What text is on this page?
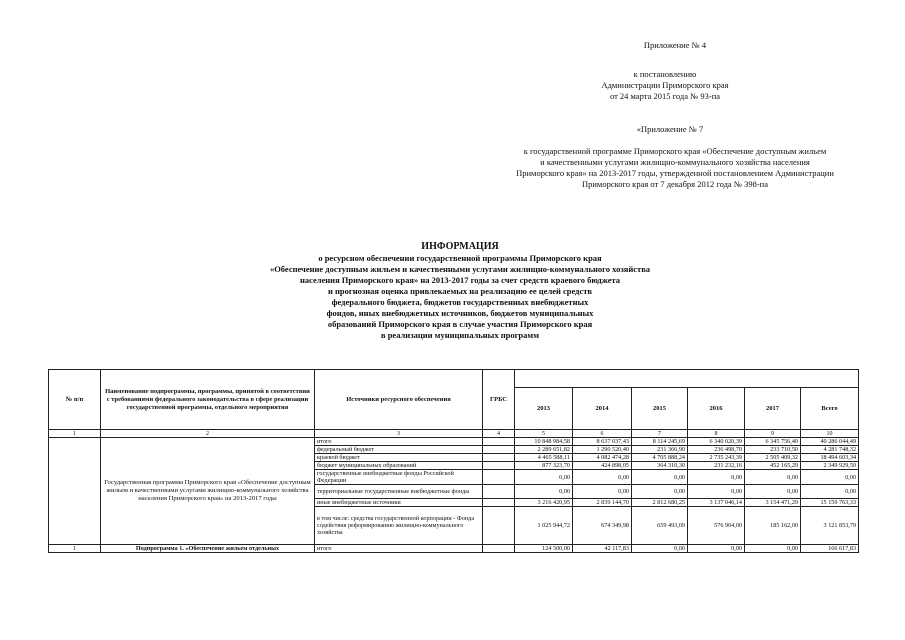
Приложение № 4
к постановлению
Администрации Приморского края
от 24 марта 2015 года № 93-па
«Приложение № 7
к государственной программе Приморского края «Обеспечение доступным жильем
и качественными услугами жилищно-коммунального хозяйства населения
Приморского края» на 2013-2017 годы, утвержденной постановлением Администрации
Приморского края от 7 декабря 2012 года № 398-па
ИНФОРМАЦИЯ
о ресурсном обеспечении государственной программы Приморского края
«Обеспечение доступным жильем и качественными услугами жилищно-коммунального хозяйства
населения Приморского края» на 2013-2017 годы за счет средств краевого бюджета
и прогнозная оценка привлекаемых на реализацию ее целей средств
федерального бюджета, бюджетов государственных внебюджетных
фондов, иных внебюджетных источников, бюджетов муниципальных
образований Приморского края в случае участия Приморского края
в реализации муниципальных программ
№ п/п	Наименование подпрограммы, программы, принятой в соответствии с требованиями федерального законодательства в сфере реализации государственной программы, отдельного мероприятия	Источники ресурсного обеспечения	ГРБС						
				2013	2014	2015	2016	2017	Всего
1	2	3	4	5	6	7	8	9	10
	Государственная программа Приморского края «Обеспечение доступным жильем и качественными услугами жилищно-коммунального хозяйства населения Приморского края» на 2013-2017 годы	итого		10 848 984,58	8 637 037,43	8 114 245,69	6 340 020,39	6 345 756,40	40 286 044,49
		федеральный бюджет		2 289 651,82	1 290 520,40	231 366,90	236 498,70	233 710,50	4 281 748,32
		краевой бюджет		4 465 588,11	4 082 474,28	4 705 888,24	2 735 243,39	2 505 409,32	18 494 603,34
		бюджет муниципальных образований		877 323,70	424 898,05	364 310,30	231 232,16	452 165,29	2 349 929,50
		государственные внебюджетные фонды Российской Федерации		0,00	0,00	0,00	0,00	0,00	0,00
		территориальные государственные внебюджетные фонды		0,00	0,00	0,00	0,00	0,00	0,00
		иные внебюджетные источники		3 216 420,95	2 839 144,70	2 812 680,25	3 137 046,14	3 154 471,29	15 159 763,33
		в том числе: средства государственной корпорации - Фонда содействия реформированию жилищно-коммунального хозяйства		1 025 944,72	674 349,98	659 493,09	576 904,00	185 162,00	3 121 853,79
1	Подпрограмма 1. «Обеспечение жильем отдельных	итого		124 500,00	42 117,83	0,00	0,00	0,00	166 617,83
